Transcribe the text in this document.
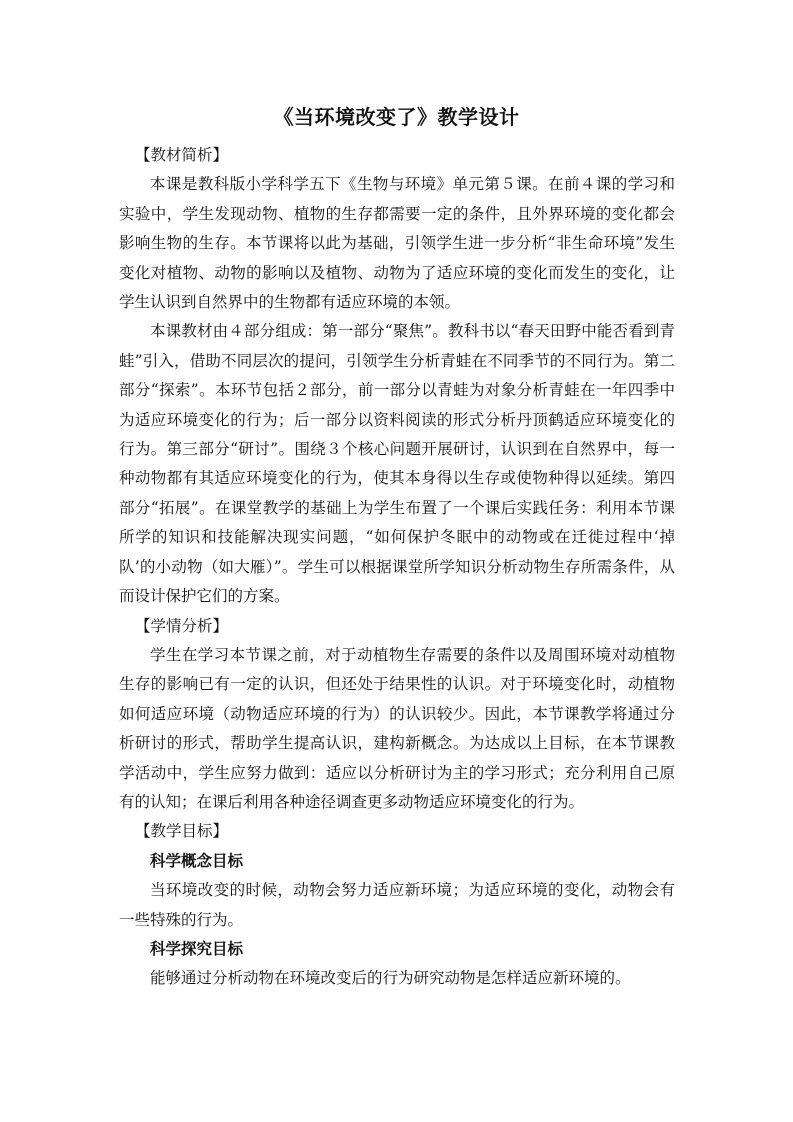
《当环境改变了》教学设计

【教材简析】

本课是教科版小学科学五下《生物与环境》单元第５课。在前４课的学习和实验中，学生发现动物、植物的生存都需要一定的条件，且外界环境的变化都会影响生物的生存。本节课将以此为基础，引领学生进一步分析“非生命环境”发生变化对植物、动物的影响以及植物、动物为了适应环境的变化而发生的变化，让学生认识到自然界中的生物都有适应环境的本领。

本课教材由４部分组成：第一部分“聚焦”。教科书以“春天田野中能否看到青蛙”引入，借助不同层次的提问，引领学生分析青蛙在不同季节的不同行为。第二部分“探索”。本环节包括２部分，前一部分以青蛙为对象分析青蛙在一年四季中为适应环境变化的行为；后一部分以资料阅读的形式分析丹顶鹤适应环境变化的行为。第三部分“研讨”。围绕３个核心问题开展研讨，认识到在自然界中，每一种动物都有其适应环境变化的行为，使其本身得以生存或使物种得以延续。第四部分“拓展”。在课堂教学的基础上为学生布置了一个课后实践任务：利用本节课所学的知识和技能解决现实问题，“如何保护冬眠中的动物或在迁徙过程中‘掉队’的小动物（如大雁）”。学生可以根据课堂所学知识分析动物生存所需条件，从而设计保护它们的方案。

【学情分析】

学生在学习本节课之前，对于动植物生存需要的条件以及周围环境对动植物生存的影响已有一定的认识，但还处于结果性的认识。对于环境变化时，动植物如何适应环境（动物适应环境的行为）的认识较少。因此，本节课教学将通过分析研讨的形式，帮助学生提高认识，建构新概念。为达成以上目标，在本节课教学活动中，学生应努力做到：适应以分析研讨为主的学习形式；充分利用自己原有的认知；在课后利用各种途径调查更多动物适应环境变化的行为。

【教学目标】

科学概念目标

当环境改变的时候，动物会努力适应新环境；为适应环境的变化，动物会有一些特殊的行为。

科学探究目标

能够通过分析动物在环境改变后的行为研究动物是怎样适应新环境的。
